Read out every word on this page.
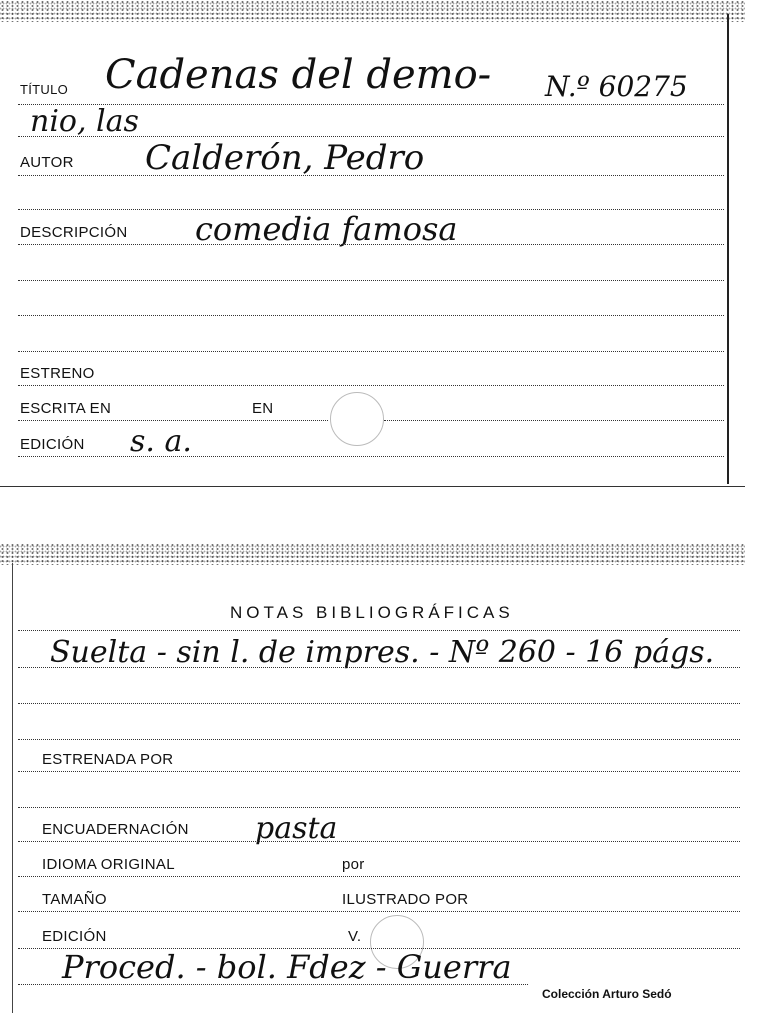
TÍTULO Cadenas del demo- N.º 60275
nio, las
AUTOR Calderón, Pedro
DESCRIPCIÓN comedia famosa
ESTRENO
ESCRITA EN	EN
EDICIÓN s. a.
NOTAS BIBLIOGRÁFICAS
Suelta - sin l. de impres. - Nº 260 - 16 págs.
ESTRENADA POR
ENCUADERNACIÓN pasta
IDIOMA ORIGINAL	por
TAMAÑO	ILUSTRADO POR
EDICIÓN	V.
Proced. - bol. Fdez - Guerra
Colección Arturo Sedó
